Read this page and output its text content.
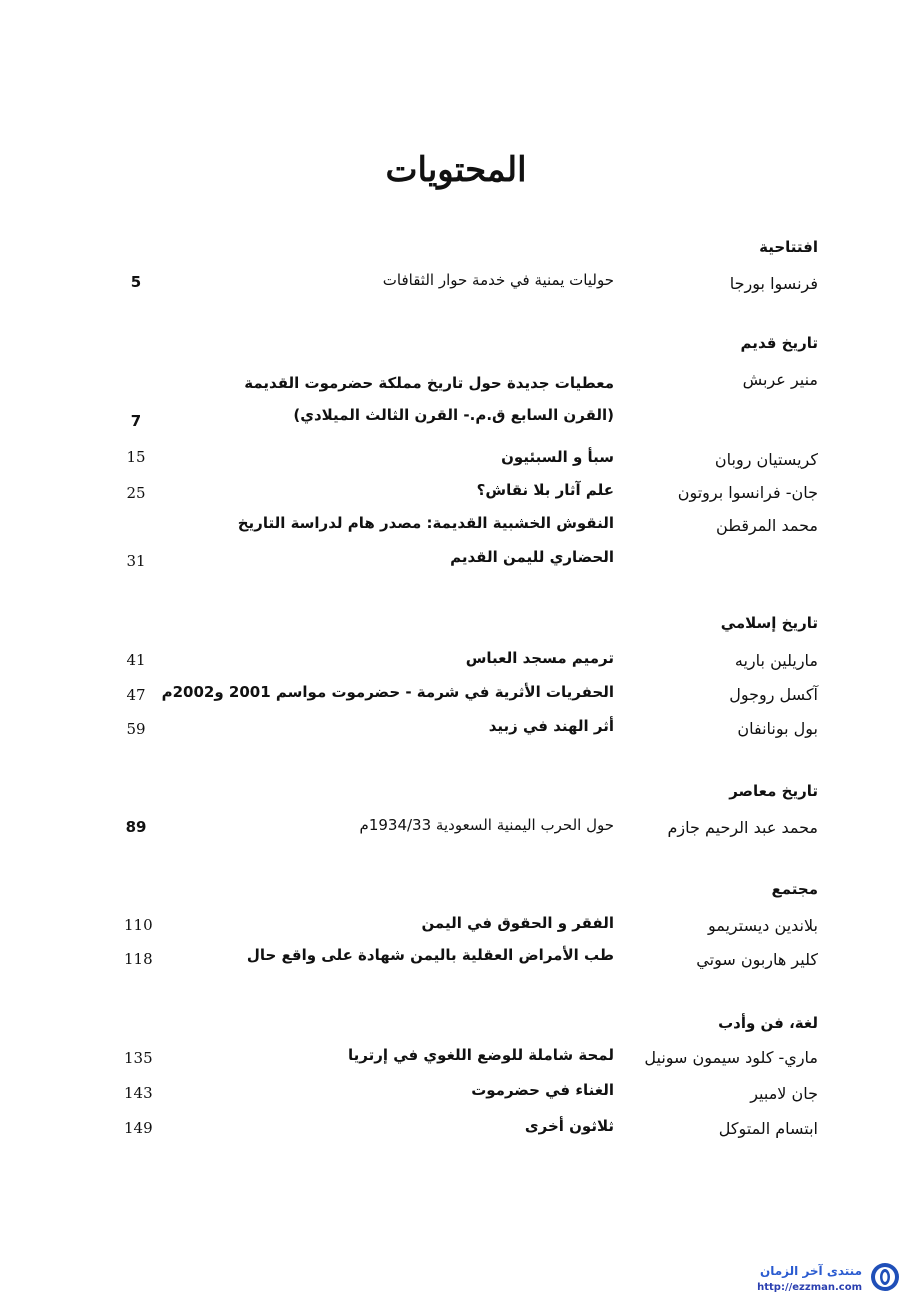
المحتويات
افتتاحية
فرنسوا بورجا
حوليات يمنية في خدمة حوار الثقافات
5
تاريخ قديم
منير عربش
معطيات جديدة حول تاريخ مملكة حضرموت القديمة
(القرن السابع ق.م.- القرن الثالث الميلادي)
7
كريستيان روبان
سبأ و السبئيون
15
جان- فرانسوا بروتون
علم آثار بلا نقاش؟
25
محمد المرقطن
النقوش الخشبية القديمة: مصدر هام لدراسة التاريخ
الحضاري لليمن القديم
31
تاريخ إسلامي
ماريلين باريه
ترميم مسجد العباس
41
آكسل روجول
الحفريات الأثرية في شرمة - حضرموت مواسم 2001 و2002م
47
بول بونانفان
أثر الهند في زبيد
59
تاريخ معاصر
محمد عبد الرحيم جازم
حول الحرب اليمنية السعودية 1934/33م
89
مجتمع
بلاندين ديستريمو
الفقر و الحقوق في اليمن
110
كلير هاربون سوتي
طب الأمراض العقلية باليمن شهادة على واقع حال
118
لغة، فن وأدب
ماري- كلود سيمون سونيل
لمحة شاملة للوضع اللغوي في إرتريا
135
جان لامبير
الغناء في حضرموت
143
ابتسام المتوكل
ثلاثون أخرى
149
منتدى آخر الزمان
http://ezzman.com
